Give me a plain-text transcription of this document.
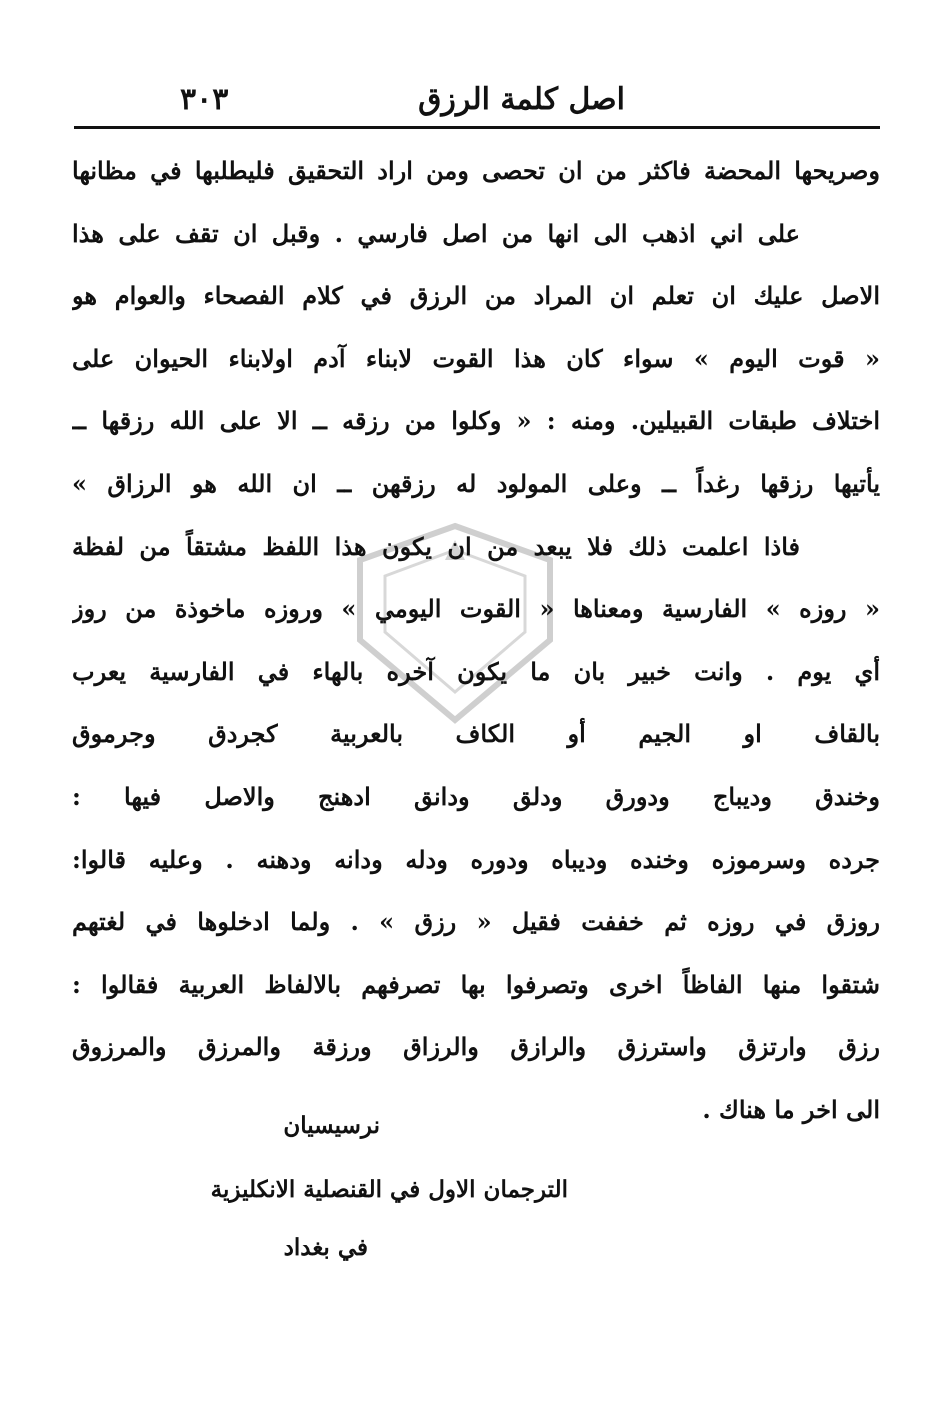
اصل كلمة الرزق
٣٠٣
وصريحها المحضة فاكثر من ان تحصى ومن اراد التحقيق فليطلبها في مظانها
على اني اذهب الى انها من اصل فارسي . وقبل ان تقف على هذا
الاصل عليك ان تعلم ان المراد من الرزق في كلام الفصحاء والعوام هو
« قوت اليوم » سواء كان هذا القوت لابناء آدم اولابناء الحيوان على
اختلاف طبقات القبيلين. ومنه : « وكلوا من رزقه ــ الا على الله رزقها ــ
يأتيها رزقها رغداً ــ وعلى المولود له رزقهن ــ ان الله هو الرزاق »
فاذا اعلمت ذلك فلا يبعد من ان يكون هذا اللفظ مشتقاً من لفظة
« روزه » الفارسية ومعناها « القوت اليومي » وروزه ماخوذة من روز
أي يوم . وانت خبير بان ما يكون آخره بالهاء في الفارسية يعرب
بالقاف او الجيم أو الكاف بالعربية كجردق وجرموق
وخندق وديباج ودورق ودلق ودانق ادهنج والاصل فيها :
جرده وسرموزه وخنده وديباه ودوره ودله ودانه ودهنه . وعليه قالوا:
روزق في روزه ثم خففت فقيل « رزق » . ولما ادخلوها في لغتهم
شتقوا منها الفاظاً اخرى وتصرفوا بها تصرفهم بالالفاظ العربية فقالوا :
رزق وارتزق واسترزق والرازق والرزاق ورزقة والمرزق والمرزوق
الى اخر ما هناك .
نرسيسيان
الترجمان الاول في القنصلية الانكليزية
في بغداد
